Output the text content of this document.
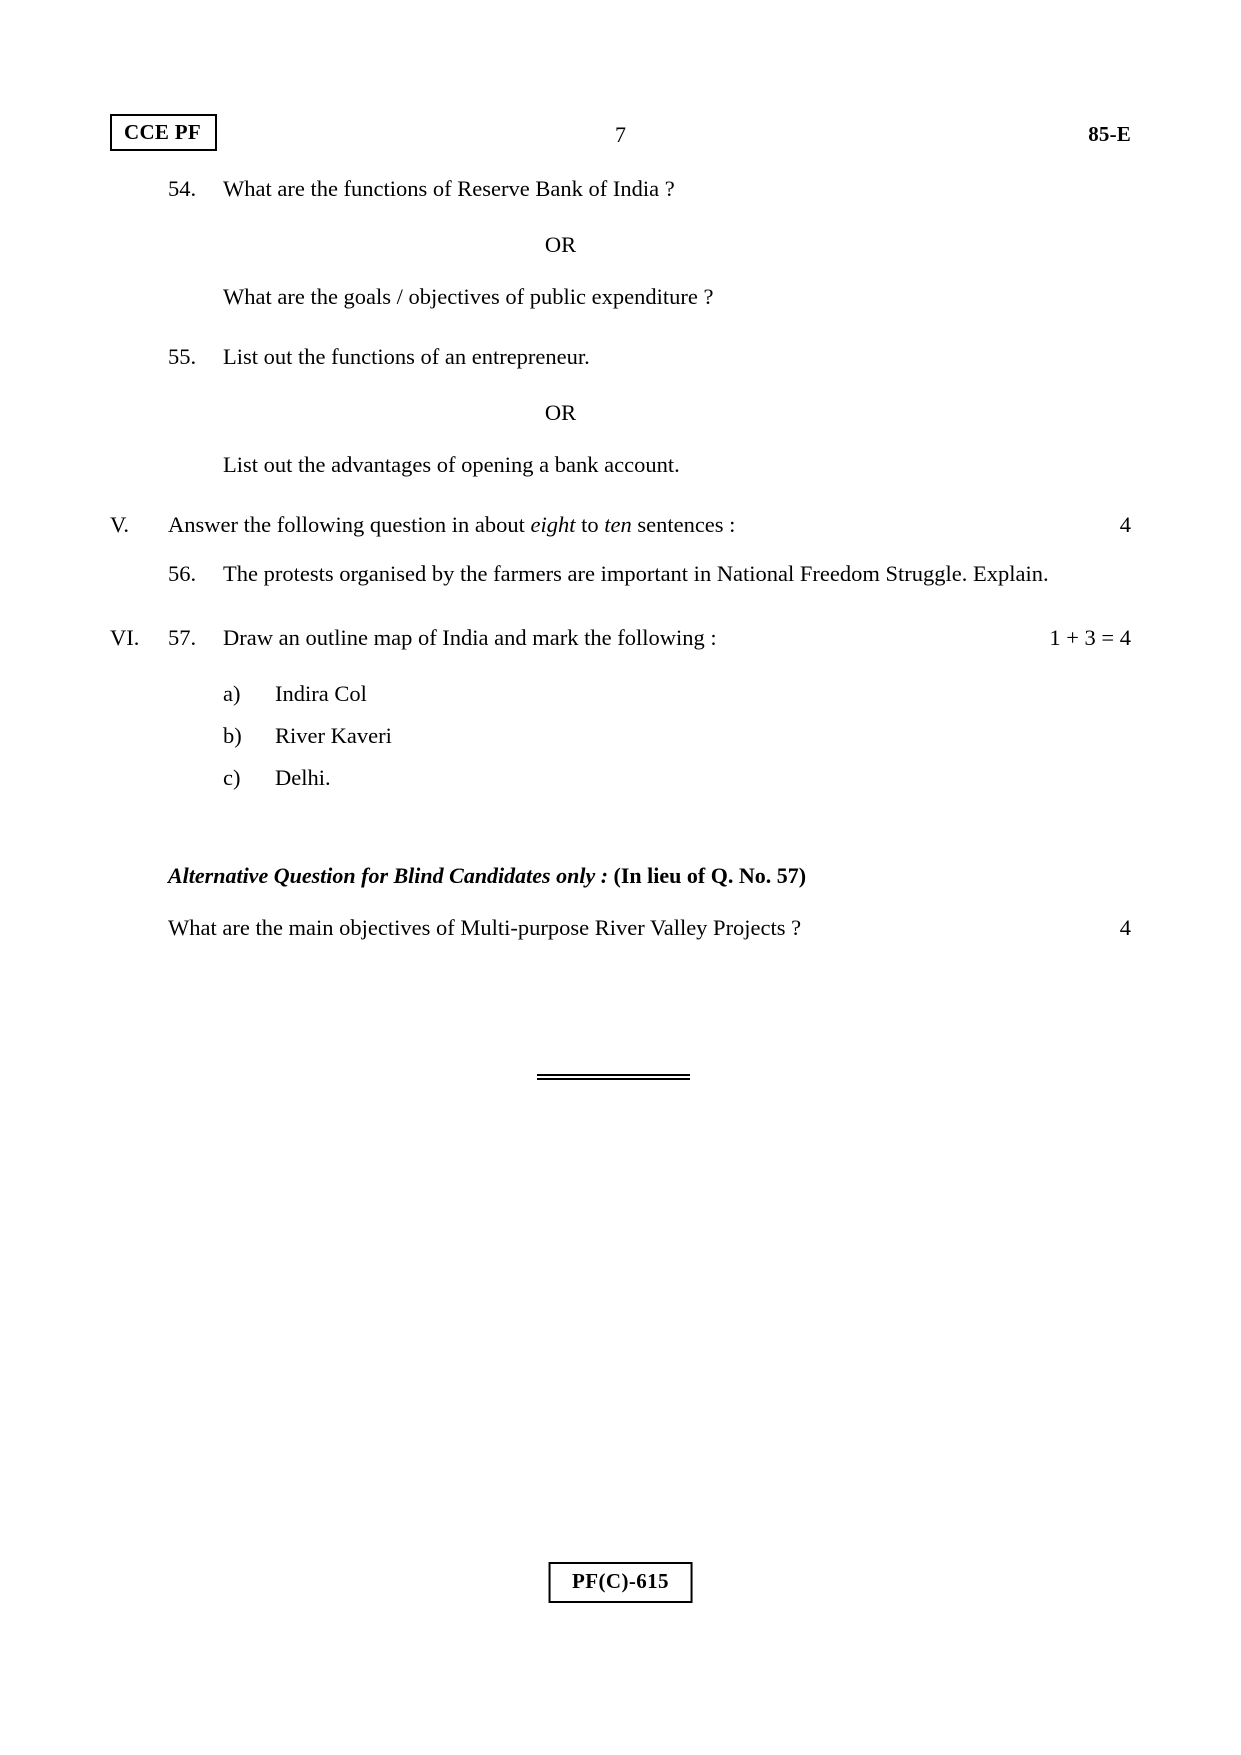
CCE PF	7	85-E
54.	What are the functions of Reserve Bank of India ?
OR
What are the goals / objectives of public expenditure ?
55.	List out the functions of an entrepreneur.
OR
List out the advantages of opening a bank account.
V.	Answer the following question in about eight to ten sentences :	4
56.	The protests organised by the farmers are important in National Freedom Struggle. Explain.
VI.	57.	Draw an outline map of India and mark the following :	1 + 3 = 4
a)	Indira Col
b)	River Kaveri
c)	Delhi.
Alternative Question for Blind Candidates only : (In lieu of Q. No. 57)
What are the main objectives of Multi-purpose River Valley Projects ?	4
PF(C)-615
